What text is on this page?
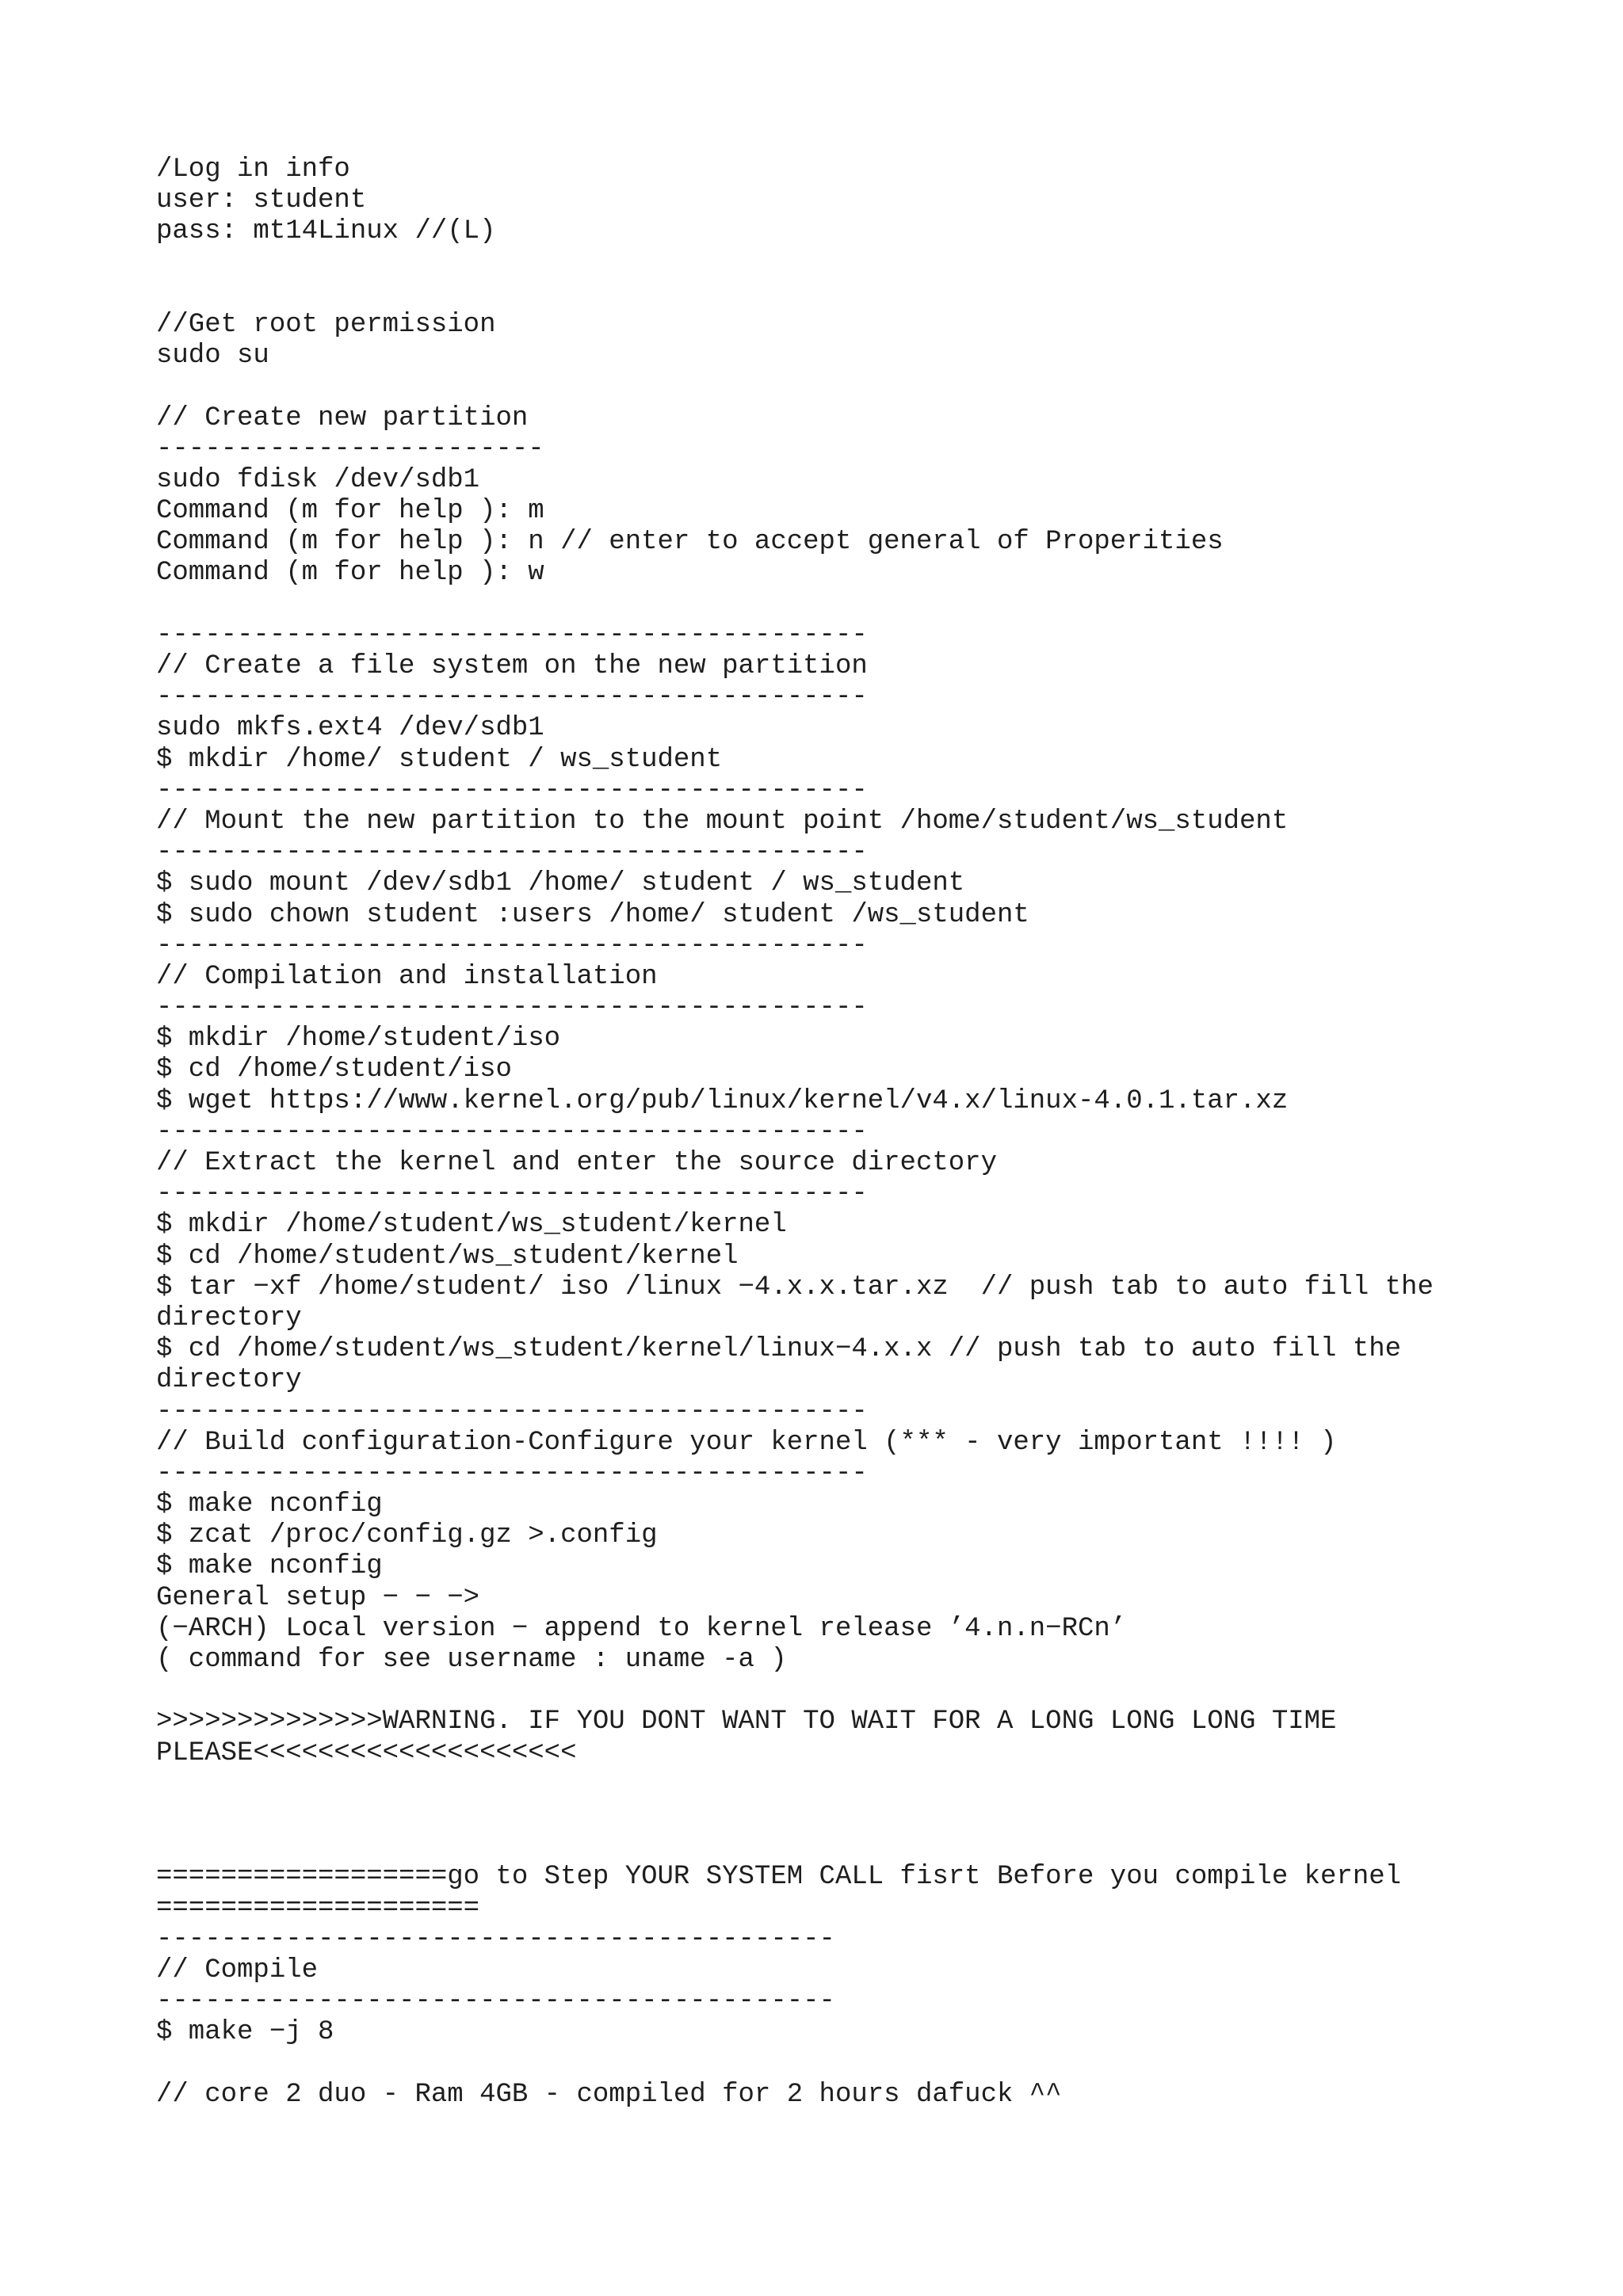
/Log in info
user: student
pass: mt14Linux //(L)
//Get root permission
sudo su
// Create new partition
------------------------
sudo fdisk /dev/sdb1
Command (m for help ): m
Command (m for help ): n // enter to accept general of Properities
Command (m for help ): w
--------------------------------------------
// Create a file system on the new partition
--------------------------------------------
sudo mkfs.ext4 /dev/sdb1
$ mkdir /home/ student / ws_student
--------------------------------------------
// Mount the new partition to the mount point /home/student/ws_student
--------------------------------------------
$ sudo mount /dev/sdb1 /home/ student / ws_student
$ sudo chown student :users /home/ student /ws_student
--------------------------------------------
// Compilation and installation
--------------------------------------------
$ mkdir /home/student/iso
$ cd /home/student/iso
$ wget https://www.kernel.org/pub/linux/kernel/v4.x/linux-4.0.1.tar.xz
--------------------------------------------
// Extract the kernel and enter the source directory
--------------------------------------------
$ mkdir /home/student/ws_student/kernel
$ cd /home/student/ws_student/kernel
$ tar −xf /home/student/ iso /linux −4.x.x.tar.xz  // push tab to auto fill the
directory
$ cd /home/student/ws_student/kernel/linux−4.x.x // push tab to auto fill the
directory
--------------------------------------------
// Build configuration-Configure your kernel (*** - very important !!!! )
--------------------------------------------
$ make nconfig
$ zcat /proc/config.gz >.config
$ make nconfig
General setup − − −>
(−ARCH) Local version − append to kernel release ’4.n.n−RCn’
( command for see username : uname -a )
>>>>>>>>>>>>>>WARNING. IF YOU DONT WANT TO WAIT FOR A LONG LONG LONG TIME
PLEASE<<<<<<<<<<<<<<<<<<<<
==================go to Step YOUR SYSTEM CALL fisrt Before you compile kernel
====================
------------------------------------------
// Compile
------------------------------------------
$ make −j 8
// core 2 duo - Ram 4GB - compiled for 2 hours dafuck ^^
